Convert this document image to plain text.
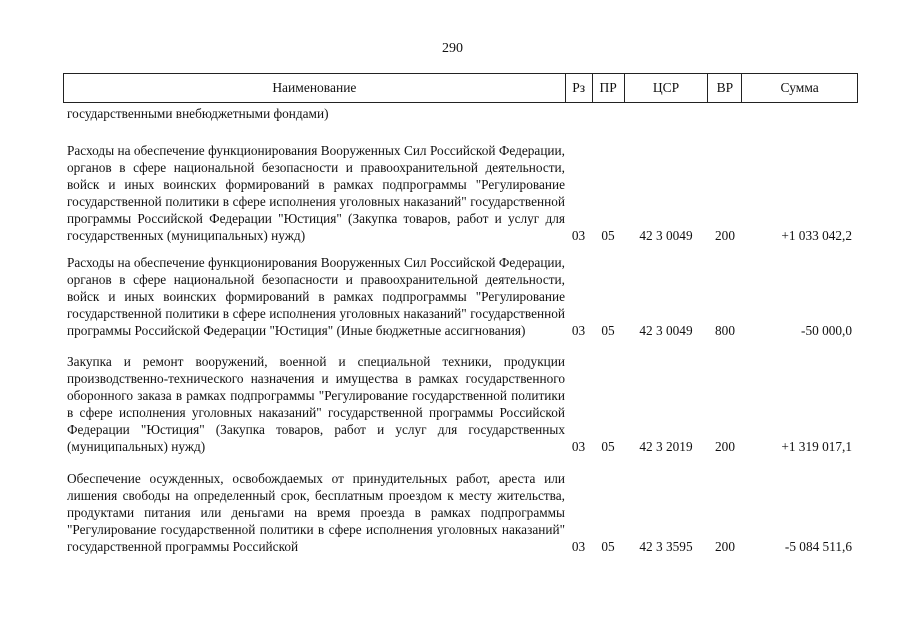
290
Наименование	Рз	ПР	ЦСР	ВР	Сумма
государственными внебюджетными фондами)
Расходы на обеспечение функционирования Вооруженных Сил Российской Федерации, органов в сфере национальной безопасности и правоохранительной деятельности, войск и иных воинских формирований в рамках подпрограммы "Регулирование государственной политики в сфере исполнения уголовных наказаний" государственной программы Российской Федерации "Юстиция" (Закупка товаров, работ и услуг для государственных (муниципальных) нужд)	03	05	42 3 0049	200	+1 033 042,2
Расходы на обеспечение функционирования Вооруженных Сил Российской Федерации, органов в сфере национальной безопасности и правоохранительной деятельности, войск и иных воинских формирований в рамках подпрограммы "Регулирование государственной политики в сфере исполнения уголовных наказаний" государственной программы Российской Федерации "Юстиция" (Иные бюджетные ассигнования)	03	05	42 3 0049	800	-50 000,0
Закупка и ремонт вооружений, военной и специальной техники, продукции производственно-технического назначения и имущества в рамках государственного оборонного заказа в рамках подпрограммы "Регулирование государственной политики в сфере исполнения уголовных наказаний" государственной программы Российской Федерации "Юстиция" (Закупка товаров, работ и услуг для государственных (муниципальных) нужд)	03	05	42 3 2019	200	+1 319 017,1
Обеспечение осужденных, освобождаемых от принудительных работ, ареста или лишения свободы на определенный срок, бесплатным проездом к месту жительства, продуктами питания или деньгами на время проезда в рамках подпрограммы "Регулирование государственной политики в сфере исполнения уголовных наказаний" государственной программы Российской	03	05	42 3 3595	200	-5 084 511,6
